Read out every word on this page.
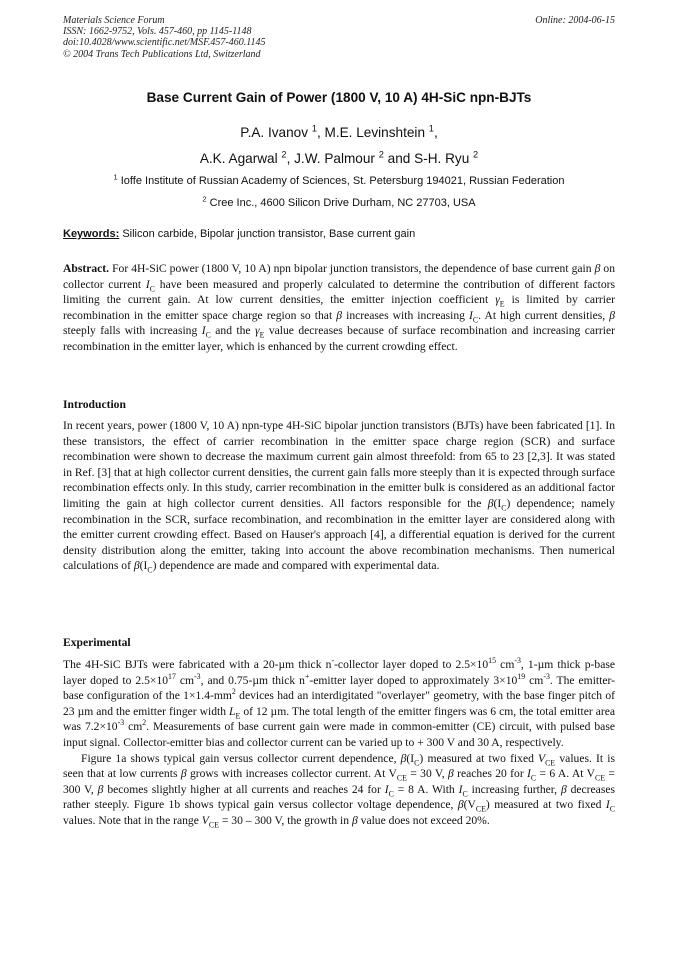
Materials Science Forum
ISSN: 1662-9752, Vols. 457-460, pp 1145-1148
doi:10.4028/www.scientific.net/MSF.457-460.1145
© 2004 Trans Tech Publications Ltd, Switzerland
Online: 2004-06-15
Base Current Gain of Power (1800 V, 10 A) 4H-SiC npn-BJTs
P.A. Ivanov $^1$, M.E. Levinshtein $^1$,
A.K. Agarwal $^2$, J.W. Palmour $^2$ and S-H. Ryu $^2$
$^1$ Ioffe Institute of Russian Academy of Sciences, St. Petersburg 194021, Russian Federation
$^2$ Cree Inc., 4600 Silicon Drive Durham, NC 27703, USA
Keywords: Silicon carbide, Bipolar junction transistor, Base current gain

Abstract. For 4H-SiC power (1800 V, 10 A) npn bipolar junction transistors, the dependence of base current gain β on collector current $I_C$ have been measured and properly calculated to determine the contribution of different factors limiting the current gain. At low current densities, the emitter injection coefficient $\gamma_E$ is limited by carrier recombination in the emitter space charge region so that β increases with increasing $I_C$. At high current densities, β steeply falls with increasing $I_C$ and the $\gamma_E$ value decreases because of surface recombination and increasing carrier recombination in the emitter layer, which is enhanced by the current crowding effect.

Introduction

In recent years, power (1800 V, 10 A) npn-type 4H-SiC bipolar junction transistors (BJTs) have been fabricated [1]. In these transistors, the effect of carrier recombination in the emitter space charge region (SCR) and surface recombination were shown to decrease the maximum current gain almost threefold: from 65 to 23 [2,3]. It was stated in Ref. [3] that at high collector current densities, the current gain falls more steeply than it is expected through surface recombination effects only. In this study, carrier recombination in the emitter bulk is considered as an additional factor limiting the gain at high collector current densities. All factors responsible for the $\beta(I_C)$ dependence; namely recombination in the SCR, surface recombination, and recombination in the emitter layer are considered along with the emitter current crowding effect. Based on Hauser's approach [4], a differential equation is derived for the current density distribution along the emitter, taking into account the above recombination mechanisms. Then numerical calculations of $\beta(I_C)$ dependence are made and compared with experimental data.

Experimental

The 4H-SiC BJTs were fabricated with a 20-µm thick n--collector layer doped to $2.5\times 10^{15}$ $cm^{-3}$, 1-µm thick p-base layer doped to $2.5\times 10^{17}$ $cm^{-3}$, and 0.75-µm thick n+-emitter layer doped to approximately $3\times 10^{19}$ $cm^{-3}$. The emitter-base configuration of the $1\times 1.4-mm^2$ devices had an interdigitated "overlayer" geometry, with the base finger pitch of 23 µm and the emitter finger width $L_E$ of 12 µm. The total length of the emitter fingers was 6 cm, the total emitter area was $7.2\times 10^{-3}$ $cm^2$. Measurements of base current gain were made in common-emitter (CE) circuit, with pulsed base input signal. Collector-emitter bias and collector current can be varied up to + 300 V and 30 A, respectively.

Figure 1a shows typical gain versus collector current dependence, $\beta(I_C)$ measured at two fixed $V_{CE}$ values. It is seen that at low currents β grows with increases collector current. At $V_{CE} = 30$ V, β reaches 20 for $I_C = 6$ A. At $V_{CE} = 300$ V, β becomes slightly higher at all currents and reaches 24 for $I_C = 8$ A. With $I_C$ increasing further, β decreases rather steeply. Figure 1b shows typical gain versus collector voltage dependence, $\beta(V_{CE})$ measured at two fixed $I_C$ values. Note that in the range $V_{CE} = 30 - 300$ V, the growth in β value does not exceed 20%.
